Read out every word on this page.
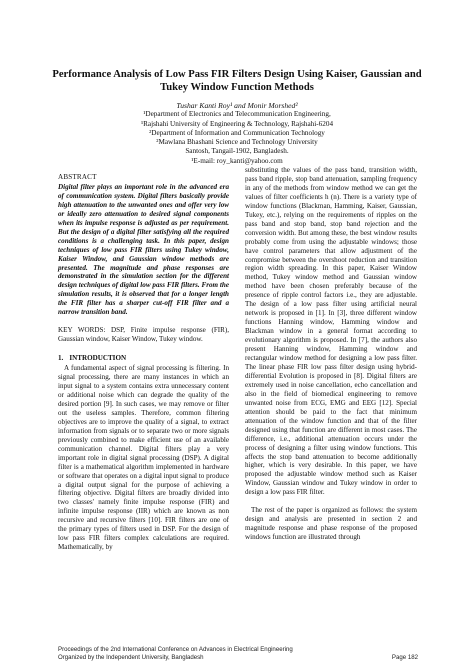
Performance Analysis of Low Pass FIR Filters Design Using Kaiser, Gaussian and Tukey Window Function Methods
Tushar Kanti Roy¹ and Monir Morshed²
¹Department of Electronics and Telecommunication Engineering,
¹Rajshahi University of Engineering & Technology, Rajshahi-6204
²Department of Information and Communication Technology
²Mawlana Bhashani Science and Technology University
Santosh, Tangail-1902, Bangladesh.
¹E-mail: roy_kanti@yahoo.com
ABSTRACT

Digital filter plays an important role in the advanced era of communication system. Digital filters basically provide high attenuation to the unwanted ones and offer very low or ideally zero attenuation to desired signal components when its impulse response is adjusted as per requirement. But the design of a digital filter satisfying all the required conditions is a challenging task. In this paper, design techniques of low pass FIR filters using Tukey window, Kaiser Window, and Gaussian window methods are presented. The magnitude and phase responses are demonstrated in the simulation section for the different design techniques of digital low pass FIR filters. From the simulation results, it is observed that for a longer length the FIR filter has a sharper cut-off FIR filter and a narrow transition band.

KEY WORDS: DSP, Finite impulse response (FIR), Gaussian window, Kaiser Window, Tukey window.

1. INTRODUCTION

A fundamental aspect of signal processing is filtering. In signal processing, there are many instances in which an input signal to a system contains extra unnecessary content or additional noise which can degrade the quality of the desired portion [9]. In such cases, we may remove or filter out the useless samples. Therefore, common filtering objectives are to improve the quality of a signal, to extract information from signals or to separate two or more signals previously combined to make efficient use of an available communication channel. Digital filters play a very important role in digital signal processing (DSP). A digital filter is a mathematical algorithm implemented in hardware or software that operates on a digital input signal to produce a digital output signal for the purpose of achieving a filtering objective. Digital filters are broadly divided into two classes' namely finite impulse response (FIR) and infinite impulse response (IIR) which are known as non recursive and recursive filters [10]. FIR filters are one of the primary types of filters used in DSP. For the design of low pass FIR filters complex calculations are required. Mathematically, by

substituting the values of the pass band, transition width, pass band ripple, stop band attenuation, sampling frequency in any of the methods from window method we can get the values of filter coefficients h (n). There is a variety type of window functions (Blackman, Hamming, Kaiser, Gaussian, Tukey, etc.), relying on the requirements of ripples on the pass band and stop band, stop band rejection and the conversion width. But among these, the best window results probably come from using the adjustable windows; those have control parameters that allow adjustment of the compromise between the overshoot reduction and transition region width spreading. In this paper, Kaiser Window method, Tukey window method and Gaussian window method have been chosen preferably because of the presence of ripple control factors i.e., they are adjustable. The design of a low pass filter using artificial neural network is proposed in [1]. In [3], three different window functions Hanning window, Hamming window and Blackman window in a general format according to evolutionary algorithm is proposed. In [7], the authors also present Hanning window, Hamming window and rectangular window method for designing a low pass filter. The linear phase FIR low pass filter design using hybrid-differential Evolution is proposed in [8]. Digital filters are extremely used in noise cancellation, echo cancellation and also in the field of biomedical engineering to remove unwanted noise from ECG, EMG and EEG [12]. Special attention should be paid to the fact that minimum attenuation of the window function and that of the filter designed using that function are different in most cases. The difference, i.e., additional attenuation occurs under the process of designing a filter using window functions. This affects the stop band attenuation to become additionally higher, which is very desirable. In this paper, we have proposed the adjustable window method such as Kaiser Window, Gaussian window and Tukey window in order to design a low pass FIR filter.

The rest of the paper is organized as follows: the system design and analysis are presented in section 2 and magnitude response and phase response of the proposed windows function are illustrated through

Proceedings of the 2nd International Conference on Advances in Electrical Engineering
Organized by the Independent University, Bangladesh	Page 182
